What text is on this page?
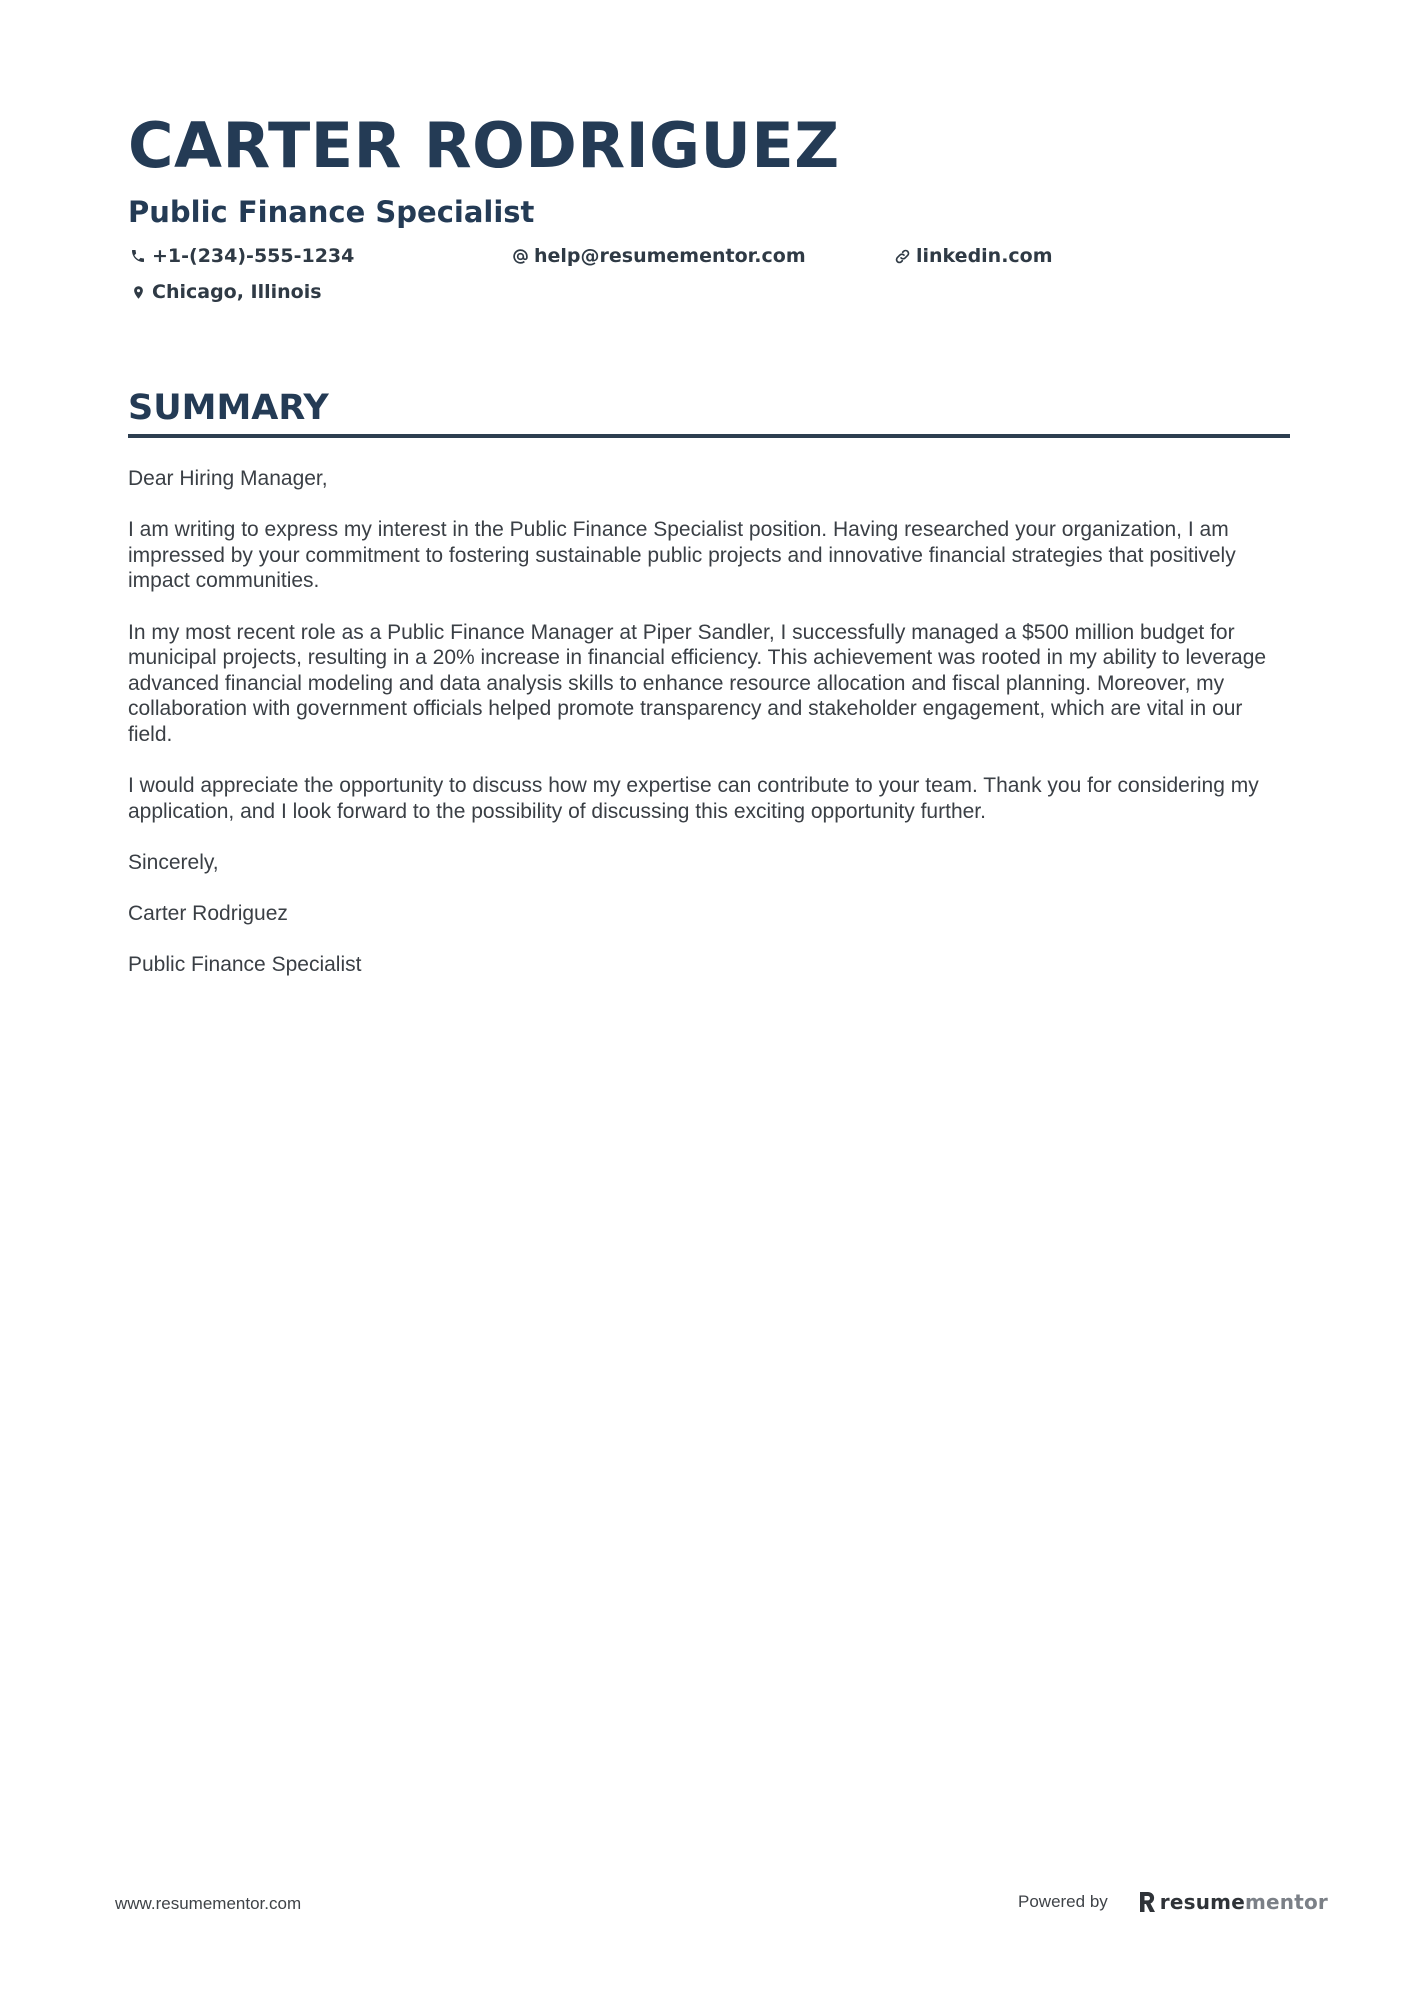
CARTER RODRIGUEZ
Public Finance Specialist
+1-(234)-555-1234	help@resumementor.com	linkedin.com
Chicago, Illinois
SUMMARY

Dear Hiring Manager,

I am writing to express my interest in the Public Finance Specialist position. Having researched your organization, I am impressed by your commitment to fostering sustainable public projects and innovative financial strategies that positively impact communities.

In my most recent role as a Public Finance Manager at Piper Sandler, I successfully managed a $500 million budget for municipal projects, resulting in a 20% increase in financial efficiency. This achievement was rooted in my ability to leverage advanced financial modeling and data analysis skills to enhance resource allocation and fiscal planning. Moreover, my collaboration with government officials helped promote transparency and stakeholder engagement, which are vital in our field.

I would appreciate the opportunity to discuss how my expertise can contribute to your team. Thank you for considering my application, and I look forward to the possibility of discussing this exciting opportunity further.

Sincerely,

Carter Rodriguez

Public Finance Specialist

www.resumementor.com	Powered by	resumementor
